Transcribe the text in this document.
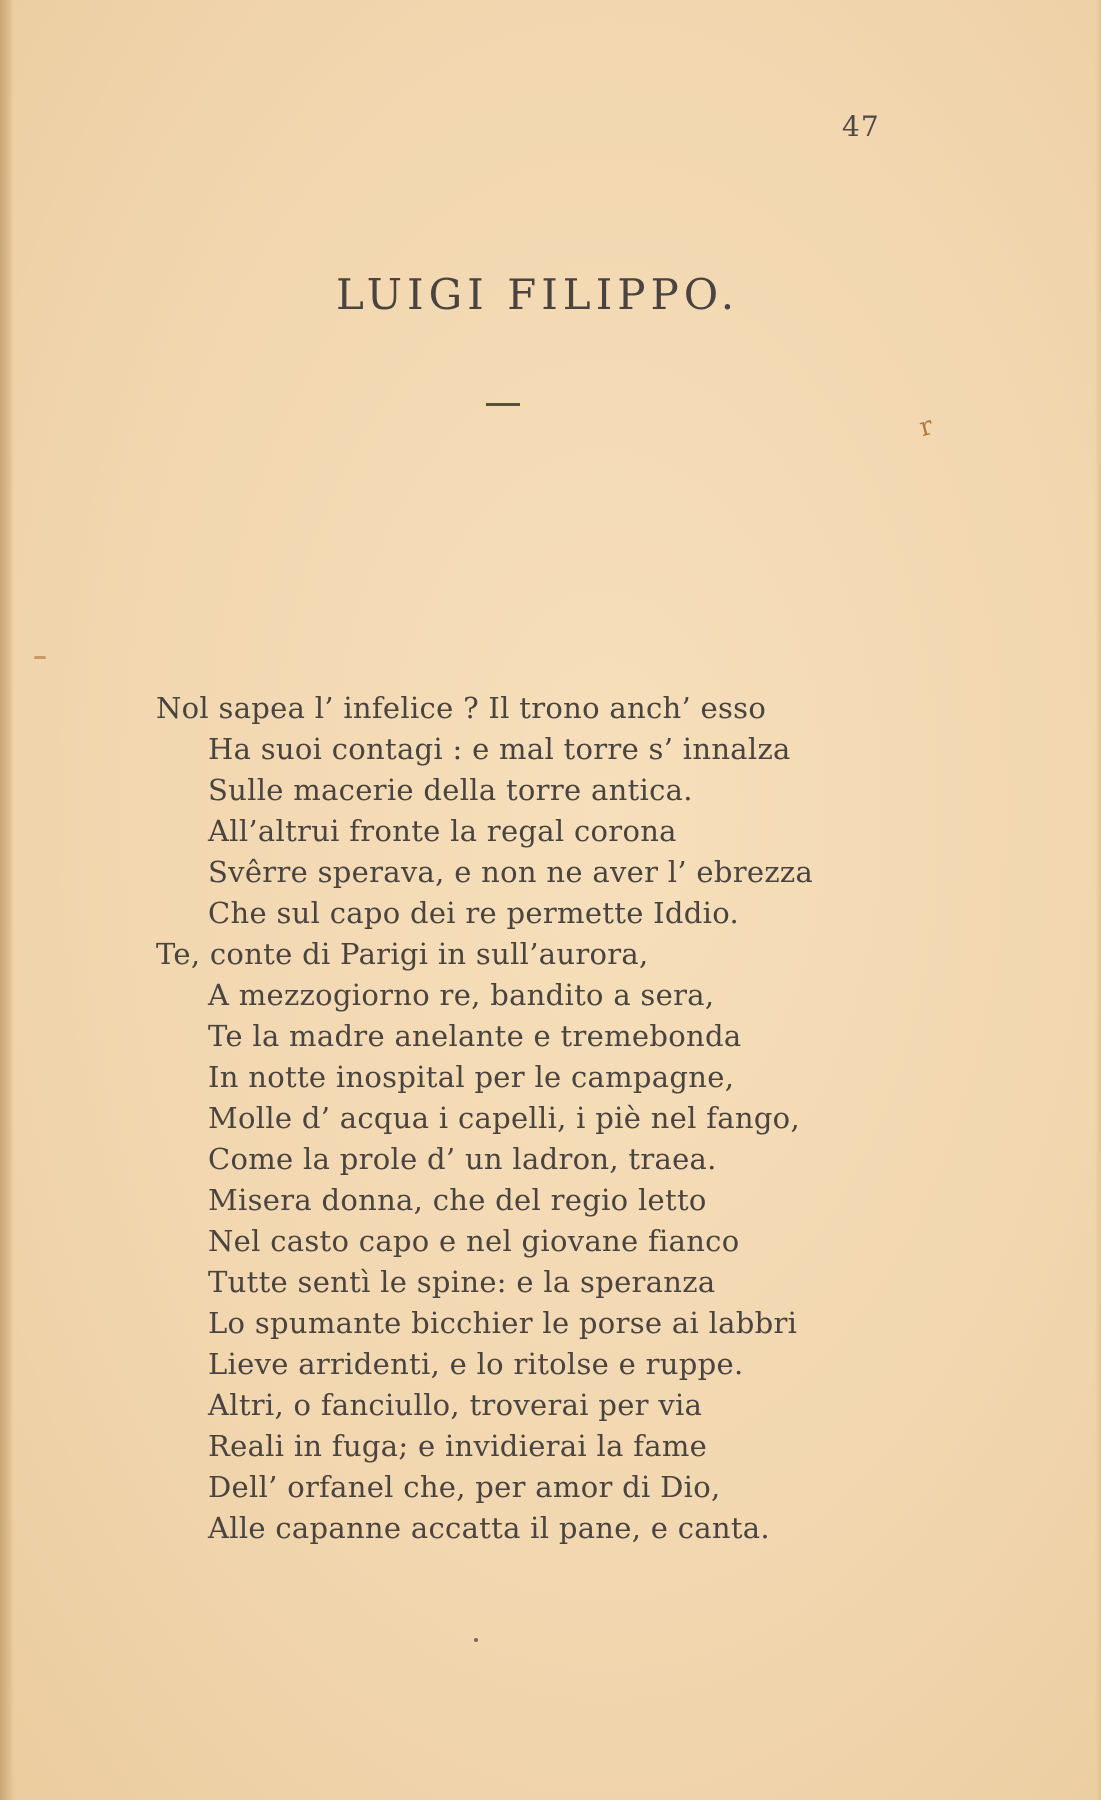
47
LUIGI FILIPPO.
r
Nol sapea l’ infelice ? Il trono anch’ esso
Ha suoi contagi : e mal torre s’ innalza
Sulle macerie della torre antica.
All’altrui fronte la regal corona
Svêrre sperava, e non ne aver l’ ebrezza
Che sul capo dei re permette Iddio.
Te, conte di Parigi in sull’aurora,
A mezzogiorno re, bandito a sera,
Te la madre anelante e tremebonda
In notte inospital per le campagne,
Molle d’ acqua i capelli, i piè nel fango,
Come la prole d’ un ladron, traea.
Misera donna, che del regio letto
Nel casto capo e nel giovane fianco
Tutte sentì le spine: e la speranza
Lo spumante bicchier le porse ai labbri
Lieve arridenti, e lo ritolse e ruppe.
Altri, o fanciullo, troverai per via
Reali in fuga; e invidierai la fame
Dell’ orfanel che, per amor di Dio,
Alle capanne accatta il pane, e canta.
